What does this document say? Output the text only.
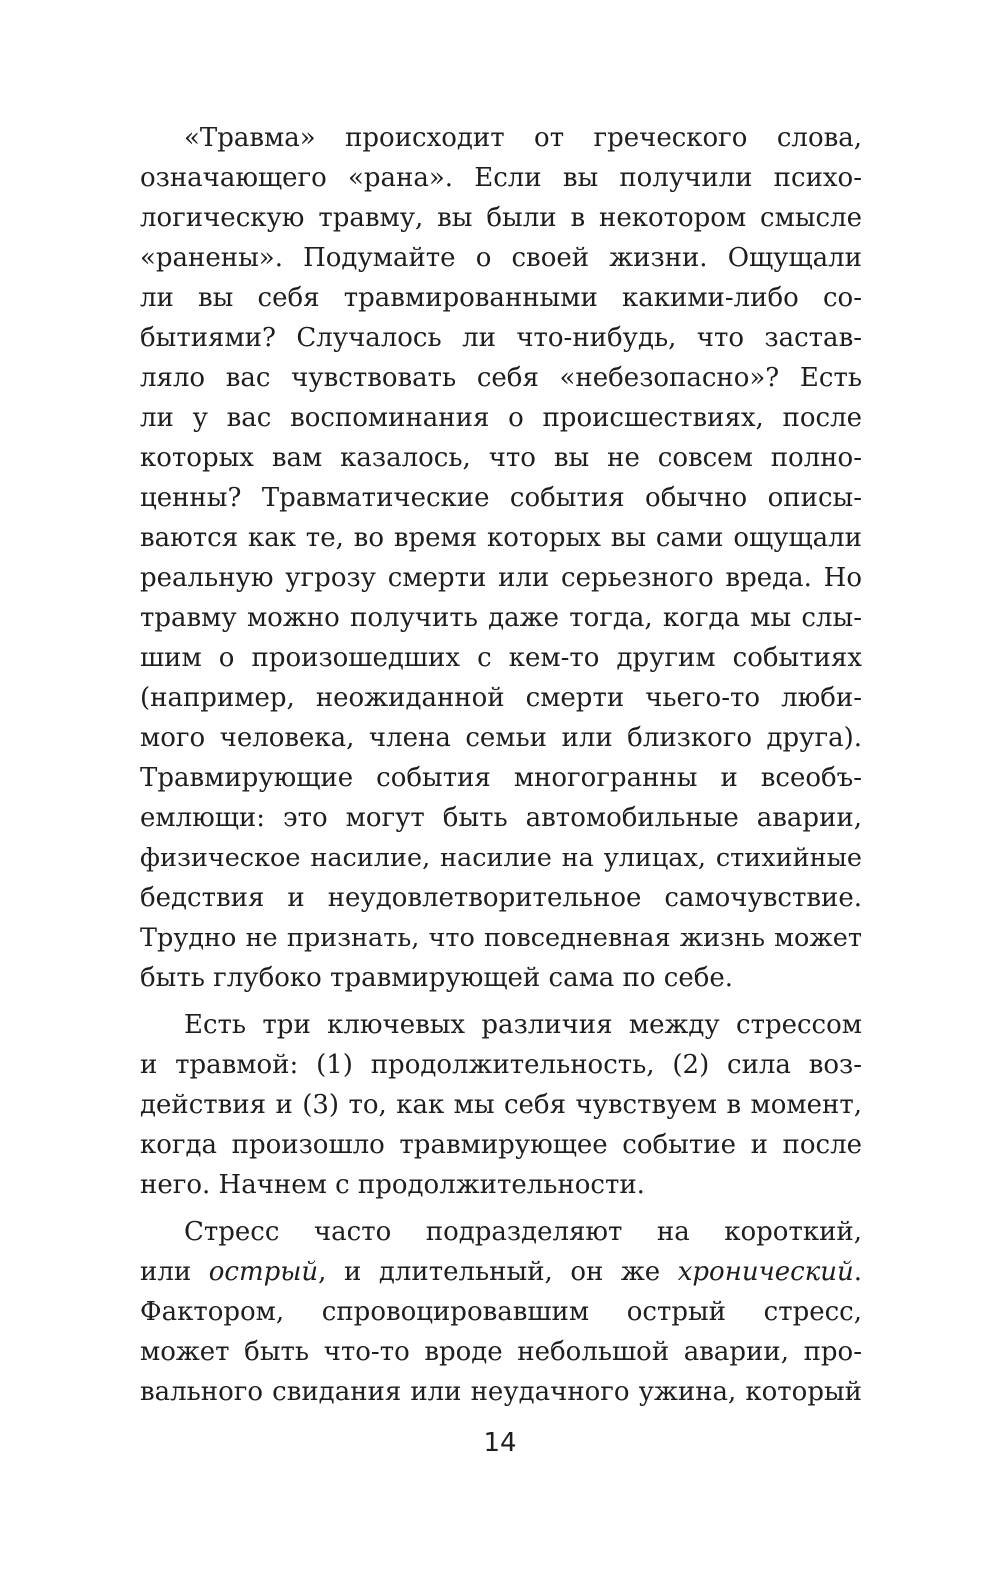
«Травма» происходит от греческого слова,
означающего «рана». Если вы получили психо-
логическую травму, вы были в некотором смысле
«ранены». Подумайте о своей жизни. Ощущали
ли вы себя травмированными какими-либо со-
бытиями? Случалось ли что-нибудь, что застав-
ляло вас чувствовать себя «небезопасно»? Есть
ли у вас воспоминания о происшествиях, после
которых вам казалось, что вы не совсем полно-
ценны? Травматические события обычно описы-
ваются как те, во время которых вы сами ощущали
реальную угрозу смерти или серьезного вреда. Но
травму можно получить даже тогда, когда мы слы-
шим о произошедших с кем-то другим событиях
(например, неожиданной смерти чьего-то люби-
мого человека, члена семьи или близкого друга).
Травмирующие события многогранны и всеобъ-
емлющи: это могут быть автомобильные аварии,
физическое насилие, насилие на улицах, стихийные
бедствия и неудовлетворительное самочувствие.
Трудно не признать, что повседневная жизнь может
быть глубоко травмирующей сама по себе.
Есть три ключевых различия между стрессом
и травмой: (1) продолжительность, (2) сила воз-
действия и (3) то, как мы себя чувствуем в момент,
когда произошло травмирующее событие и после
него. Начнем с продолжительности.
Стресс часто подразделяют на короткий,
или острый, и длительный, он же хронический.
Фактором, спровоцировавшим острый стресс,
может быть что-то вроде небольшой аварии, про-
вального свидания или неудачного ужина, который
14
